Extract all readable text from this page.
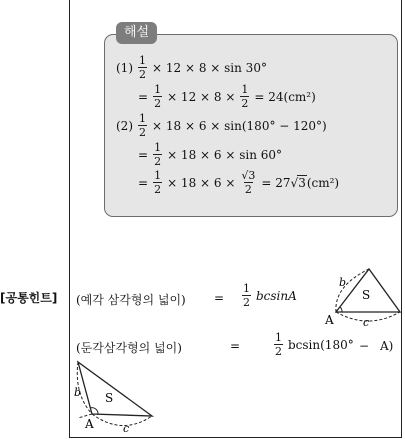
해설
$(1) \frac{1}{2} \times 12 \times 8 \times \sin 30^\circ$
= $\frac{1}{2} \times 12 \times 8 \times \frac{1}{2} = 24(cm^2)$
$(2) \frac{1}{2} \times 18 \times 6 \times \sin(180^\circ - 120^\circ)$
= $\frac{1}{2} \times 18 \times 6 \times \sin 60^\circ$
= $\frac{1}{2} \times 18 \times 6 \times \frac{√3}{2} = 27√3(cm^2)$
[공통힌트] (예각 삼각형의 넓이) =
1
2 bcsinA
(둔각삼각형의 넓이)	=
1
2 bcsin(180° − A)
b
S
A	c
b S
A	c
